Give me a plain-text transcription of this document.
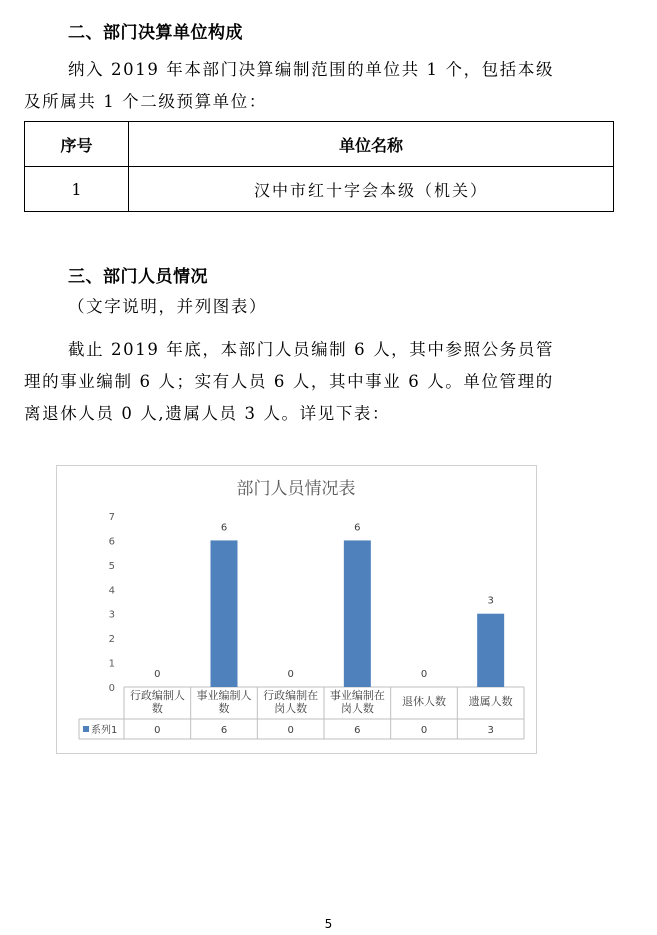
二、部门决算单位构成

纳入 2019 年本部门决算编制范围的单位共 1 个，包括本级
及所属共 1 个二级预算单位：

序号	单位名称
1	汉中市红十字会本级（机关）
三、部门人员情况

（文字说明，并列图表）

截止 2019 年底，本部门人员编制 6 人，其中参照公务员管
理的事业编制 6 人；实有人员 6 人，其中事业 6 人。单位管理的
离退休人员 0 人,遗属人员 3 人。详见下表：

部门人员情况表
0
1
2
3
4
5
6
7
0
行政编制人
数
0
6
事业编制人
数
6
0
行政编制在
岗人数
0
6
事业编制在
岗人数
6
0
退休人数
0
3
遗属人数
3
系列1
5
